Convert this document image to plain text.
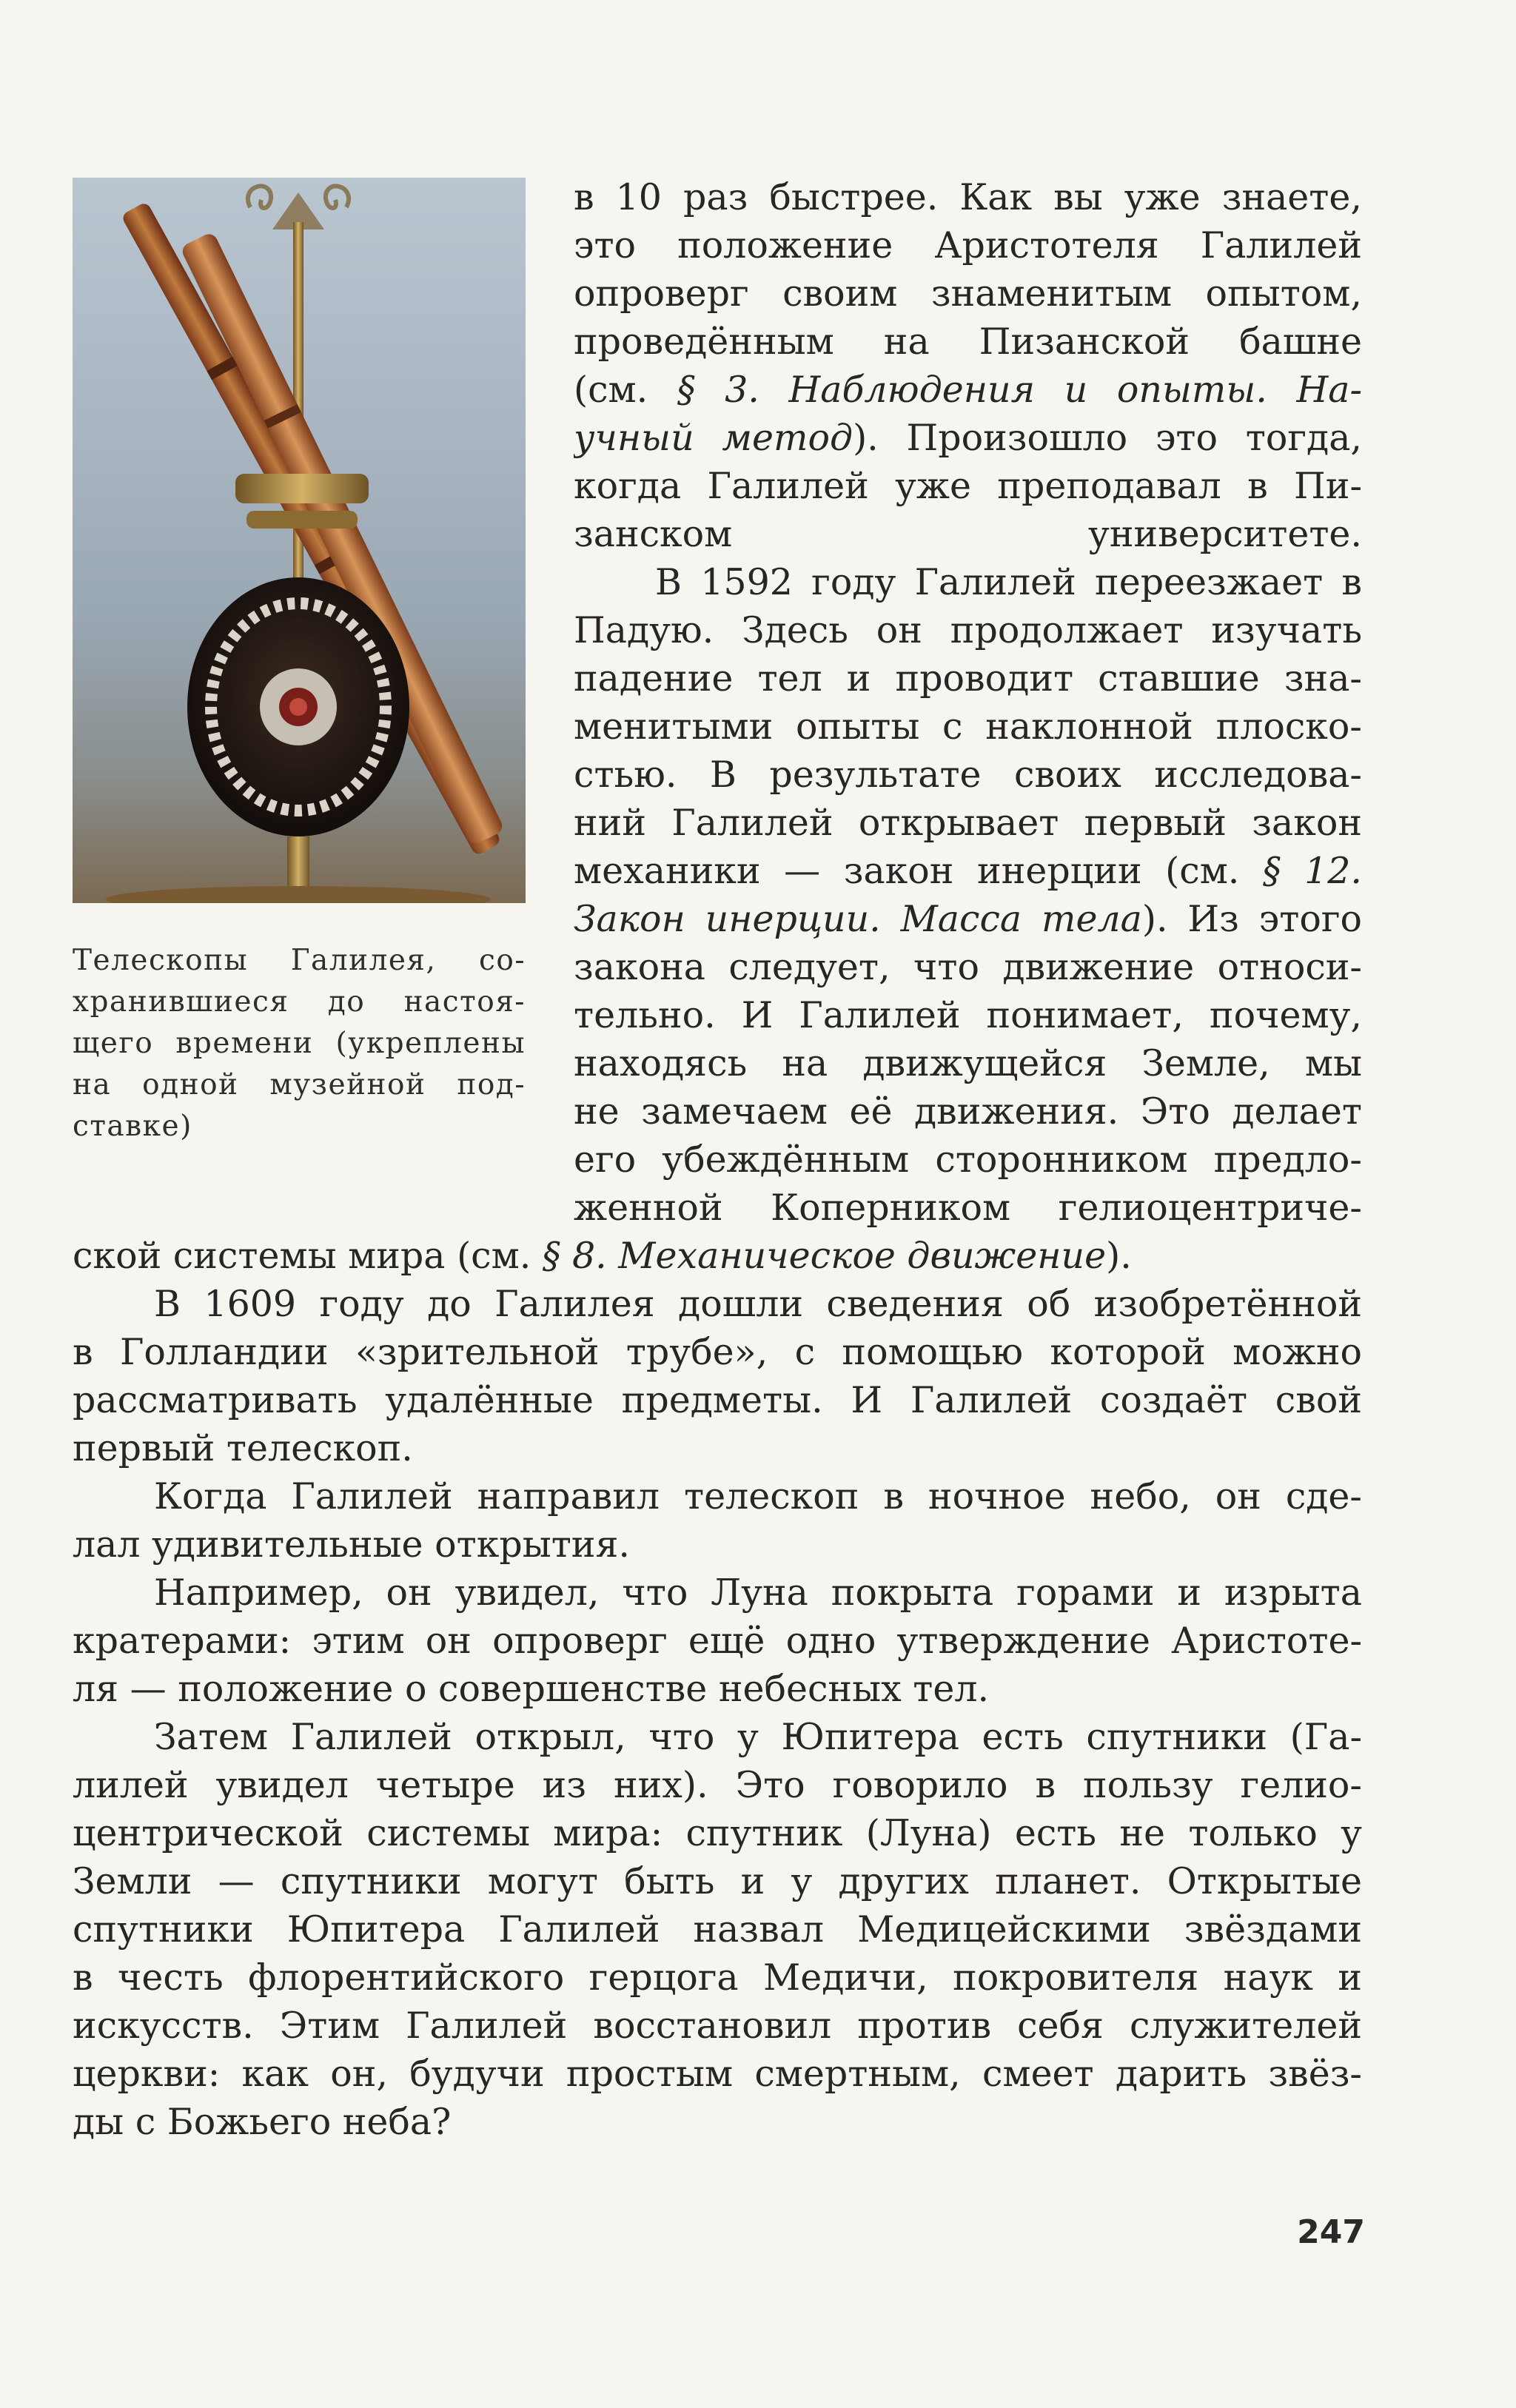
Телескопы Галилея, со-
хранившиеся до настоя-
щего времени (укреплены
на одной музейной под-
ставке)
в 10 раз быстрее. Как вы уже знаете,
это положение Аристотеля Галилей
опроверг своим знаменитым опытом,
проведённым на Пизанской башне
(см. § 3. Наблюдения и опыты. На-
учный метод). Произошло это тогда,
когда Галилей уже преподавал в Пи-
занском университете.
В 1592 году Галилей переезжает в
Падую. Здесь он продолжает изучать
падение тел и проводит ставшие зна-
менитыми опыты с наклонной плоско-
стью. В результате своих исследова-
ний Галилей открывает первый закон
механики — закон инерции (см. § 12.
Закон инерции. Масса тела). Из этого
закона следует, что движение относи-
тельно. И Галилей понимает, почему,
находясь на движущейся Земле, мы
не замечаем её движения. Это делает
его убеждённым сторонником предло-
женной Коперником гелиоцентриче-
ской системы мира (см. § 8. Механическое движение).
В 1609 году до Галилея дошли сведения об изобретённой
в Голландии «зрительной трубе», с помощью которой можно
рассматривать удалённые предметы. И Галилей создаёт свой
первый телескоп.
Когда Галилей направил телескоп в ночное небо, он сде-
лал удивительные открытия.
Например, он увидел, что Луна покрыта горами и изрыта
кратерами: этим он опроверг ещё одно утверждение Аристоте-
ля — положение о совершенстве небесных тел.
Затем Галилей открыл, что у Юпитера есть спутники (Га-
лилей увидел четыре из них). Это говорило в пользу гелио-
центрической системы мира: спутник (Луна) есть не только у
Земли — спутники могут быть и у других планет. Открытые
спутники Юпитера Галилей назвал Медицейскими звёздами
в честь флорентийского герцога Медичи, покровителя наук и
искусств. Этим Галилей восстановил против себя служителей
церкви: как он, будучи простым смертным, смеет дарить звёз-
ды с Божьего неба?
247
